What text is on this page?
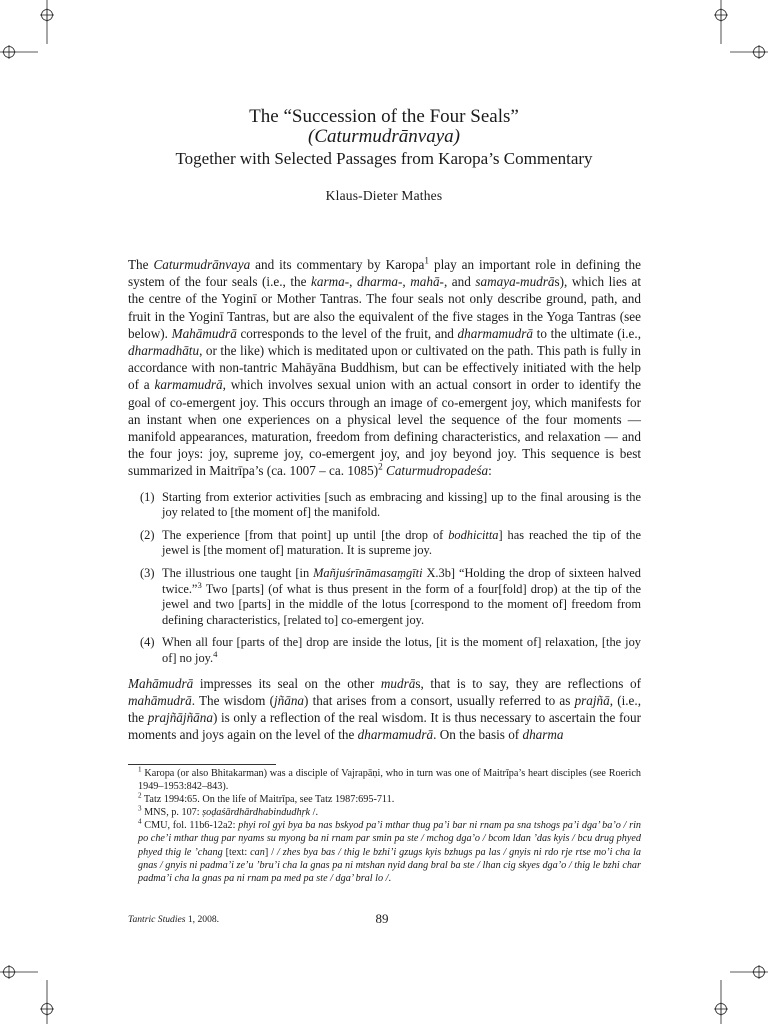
The “Succession of the Four Seals”
(Caturmudrānvaya)
Together with Selected Passages from Karopa’s Commentary
Klaus-Dieter Mathes

The Caturmudrānvaya and its commentary by Karopa$^1$ play an important role in defining the system of the four seals (i.e., the karma-, dharma-, mahā-, and samaya-mudrās), which lies at the centre of the Yoginī or Mother Tantras. The four seals not only describe ground, path, and fruit in the Yoginī Tantras, but are also the equivalent of the five stages in the Yoga Tantras (see below). Mahāmudrā corresponds to the level of the fruit, and dharmamudrā to the ultimate (i.e., dharmadhātu, or the like) which is meditated upon or cultivated on the path. This path is fully in accordance with non-tantric Mahāyāna Buddhism, but can be effectively initiated with the help of a karmamudrā, which involves sexual union with an actual consort in order to identify the goal of co-emergent joy. This occurs through an image of co-emergent joy, which manifests for an instant when one experiences on a physical level the sequence of the four moments — manifold appearances, maturation, freedom from defining characteristics, and relaxation — and the four joys: joy, supreme joy, co-emergent joy, and joy beyond joy. This sequence is best summarized in Maitrīpa’s (ca. 1007 – ca. 1085)$^2$ Caturmudropadeśa:

(1) Starting from exterior activities [such as embracing and kissing] up to the final arousing is the joy related to [the moment of] the manifold.
(2) The experience [from that point] up until [the drop of bodhicitta] has reached the tip of the jewel is [the moment of] maturation. It is supreme joy.
(3) The illustrious one taught [in Mañjuśrīnāmasaṃgīti X.3b] “Holding the drop of sixteen halved twice.”$^3$ Two [parts] (of what is thus present in the form of a four[fold] drop) at the tip of the jewel and two [parts] in the middle of the lotus [correspond to the moment of] freedom from defining characteristics, [related to] co-emergent joy.
(4) When all four [parts of the] drop are inside the lotus, [it is the moment of] relaxation, [the joy of] no joy.$^4$

Mahāmudrā impresses its seal on the other mudrās, that is to say, they are reflections of mahāmudrā. The wisdom (jñāna) that arises from a consort, usually referred to as prajñā, (i.e., the prajñājñāna) is only a reflection of the real wisdom. It is thus necessary to ascertain the four moments and joys again on the level of the dharmamudrā. On the basis of dharma

$^1$ Karopa (or also Bhitakarman) was a disciple of Vajrapāṇi, who in turn was one of Maitrīpa’s heart disciples (see Roerich 1949–1953:842–843).

$^2$ Tatz 1994:65. On the life of Maitrīpa, see Tatz 1987:695-711.

$^3$ MNS, p. 107: ṣoḍaśārdhārdhabindudhṛk /.

$^4$ CMU, fol. 11b6-12a2: phyi rol gyi bya ba nas bskyod pa’i mthar thug pa’i bar ni rnam pa sna tshogs pa’i dga’ ba’o / rin po che’i mthar thug par nyams su myong ba ni rnam par smin pa ste / mchog dga’o / bcom ldan ’das kyis / bcu drug phyed phyed thig le ’chang [text: can] / / zhes bya bas / thig le bzhi’i gzugs kyis bzhugs pa las / gnyis ni rdo rje rtse mo’i cha la gnas / gnyis ni padma’i ze’u ’bru’i cha la gnas pa ni mtshan nyid dang bral ba ste / lhan cig skyes dga’o / thig le bzhi char padma’i cha la gnas pa ni rnam pa med pa ste / dga’ bral lo /.

Tantric Studies 1, 2008.	89
